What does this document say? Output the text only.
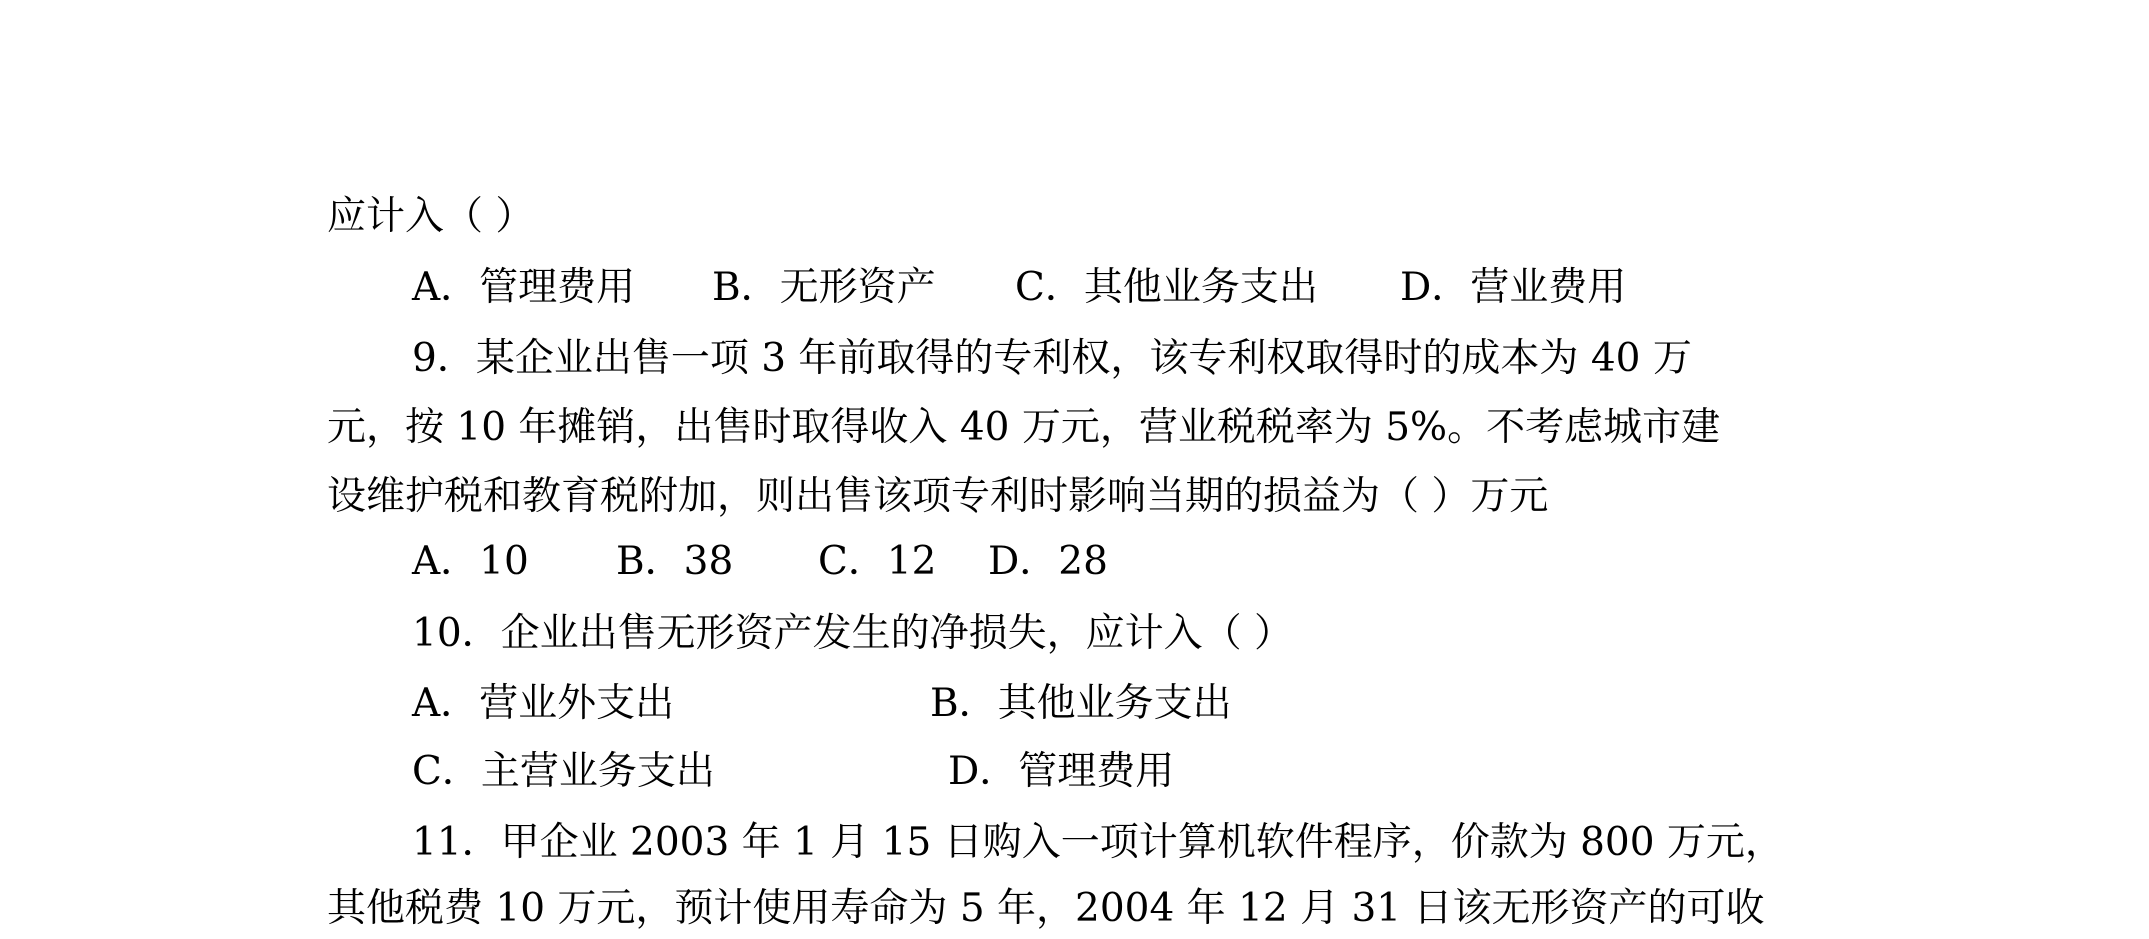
应计入（ ）
A．管理费用 B．无形资产 C．其他业务支出 D．营业费用
9．某企业出售一项 3 年前取得的专利权，该专利权取得时的成本为 40 万
元，按 10 年摊销，出售时取得收入 40 万元，营业税税率为 5%。不考虑城市建
设维护税和教育税附加，则出售该项专利时影响当期的损益为（ ）万元
A．10 B．38 C．12 D．28
10．企业出售无形资产发生的净损失，应计入（ ）
A．营业外支出	B．其他业务支出
C．主营业务支出	D．管理费用
11．甲企业 2003 年 1 月 15 日购入一项计算机软件程序，价款为 800 万元，
其他税费 10 万元，预计使用寿命为 5 年，2004 年 12 月 31 日该无形资产的可收
